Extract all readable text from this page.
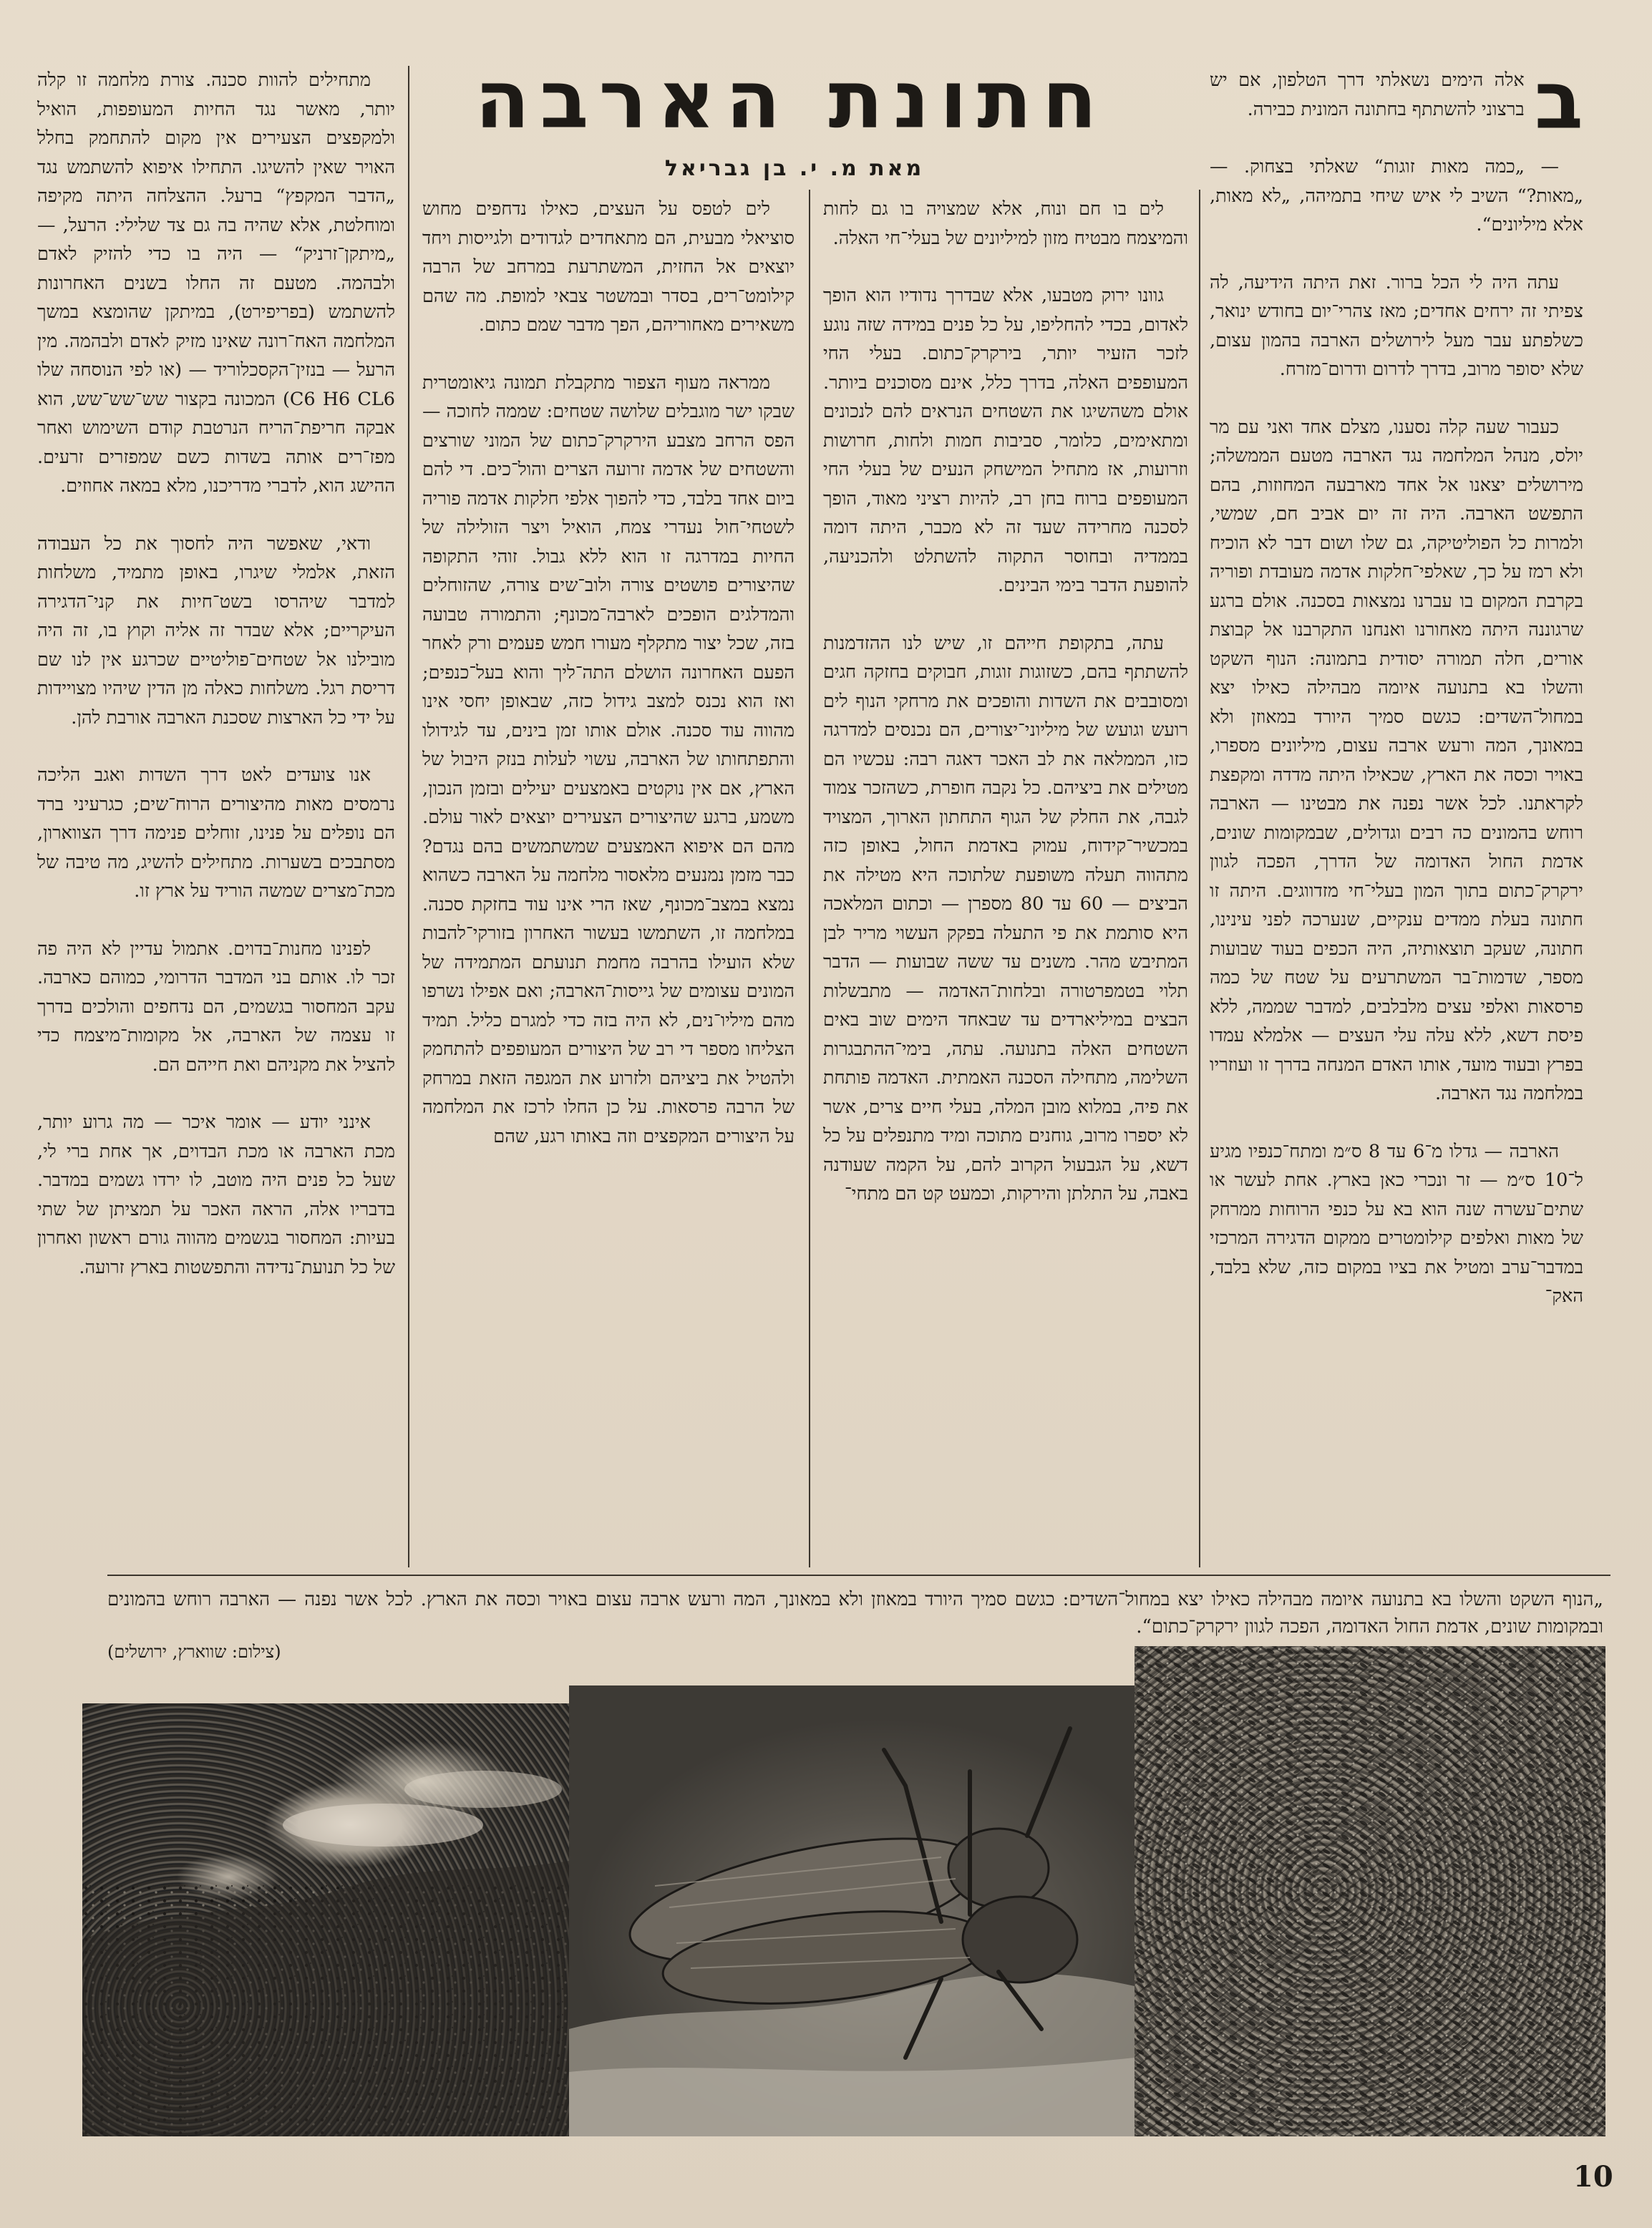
חתונת הארבה
מאת מ. י. בן גבריאל

ב
אלה הימים נשאלתי דרך הטלפון, אם יש ברצוני להשתתף בחתונה המונית כבירה.

— „כמה מאות זוגות“ שאלתי בצחוק. — „מאות?“ השיב לי איש שיחי בתמיהה, „לא מאות, אלא מיליונים“.

עתה היה לי הכל ברור. זאת היתה הידיעה, לה צפיתי זה ירחים אחדים; מאז צהרי־יום בחודש ינואר, כשלפתע עבר מעל לירושלים הארבה בהמון עצום, שלא יסופר מרוב, בדרך לדרום ודרום־מזרח.

כעבור שעה קלה נסענו, מצלם אחד ואני עם מר יולס, מנהל המלחמה נגד הארבה מטעם הממשלה; מירושלים יצאנו אל אחד מארבעה המחוזות, בהם התפשט הארבה. היה זה יום אביב חם, שמשי, ולמרות כל הפוליטיקה, גם שלו ושום דבר לא הוכיח ולא רמז על כך, שאלפי־חלקות אדמה מעובדת ופוריה בקרבת המקום בו עברנו נמצאות בסכנה. אולם ברגע שרגוננה היתה מאחורנו ואנחנו התקרבנו אל קבוצת אורים, חלה תמורה יסודית בתמונה: הנוף השקט והשלו בא בתנועה איומה מבהילה כאילו יצא במחול־השדים: כגשם סמיך היורד במאוזן ולא במאונך, המה ורעש ארבה עצום, מיליונים מספרו, באויר וכסה את הארץ, שכאילו היתה מדדה ומקפצת לקראתנו. לכל אשר נפנה את מבטינו — הארבה רוחש בהמונים כה רבים וגדולים, שבמקומות שונים, אדמת החול האדומה של הדרך, הפכה לגוון ירקרק־כתום בתוך המון בעלי־חי מזדווגים. היתה זו חתונה בעלת ממדים ענקיים, שנערכה לפני עינינו, חתונה, שעקב תוצאותיה, היה הכפים בעוד שבועות מספר, שדמות־בר המשתרעים על שטח של כמה פרסאות ואלפי עצים מלבלבים, למדבר שממה, ללא פיסת דשא, ללא עלה עלי העצים — אלמלא עמדו בפרץ ובעוד מועד, אותו האדם המנחה בדרך זו ועוזריו במלחמה נגד הארבה.

הארבה — גדלו מ־6 עד 8 ס״מ ומתח־כנפיו מגיע ל־10 ס״מ — זר ונכרי כאן בארץ. אחת לעשר או שתים־עשרה שנה הוא בא על כנפי הרוחות ממרחק של מאות ואלפים קילומטרים ממקום הדגירה המרכזי במדבר־ערב ומטיל את בציו במקום כזה, שלא בלבד, האק־

לים בו חם ונוח, אלא שמצויה בו גם לחות והמיצמח מבטיח מזון למיליונים של בעלי־חי האלה.

גוונו ירוק מטבעו, אלא שבדרך נדודיו הוא הופך לאדום, בכדי להחליפו, על כל פנים במידה שזה נוגע לזכר הזעיר יותר, בירקרק־כתום. בעלי החי המעופפים האלה, בדרך כלל, אינם מסוכנים ביותר. אולם משהשיגו את השטחים הנראים להם לנכונים ומתאימים, כלומר, סביבות חמות ולחות, חרושות וזרועות, אז מתחיל המישחק הנעים של בעלי החי המעופפים ברוח בחן רב, להיות רציני מאוד, הופך לסכנה מחרידה שעד זה לא מכבר, היתה דומה בממדיה ובחוסר התקוה להשתלט ולהכניעה, להופעת הדבר בימי הבינים.

עתה, בתקופת חייהם זו, שיש לנו ההזדמנות להשתתף בהם, כשזוגות זוגות, חבוקים בחזקה חגים ומסובבים את השדות והופכים את מרחקי הנוף לים רועש וגועש של מיליוני־יצורים, הם נכנסים למדרגה כזו, הממלאה את לב האכר דאגה רבה: עכשיו הם מטילים את ביציהם. כל נקבה חופרת, כשהזכר צמוד לגבה, את החלק של הגוף התחתון הארוך, המצויד במכשיר־קידוח, עמוק באדמת החול, באופן כזה מתהווה תעלה משופעת שלתוכה היא מטילה את הביצים — 60 עד 80 מספרן — וכתום המלאכה היא סותמת את פי התעלה בפקק העשוי מריר לבן המתיבש מהר. משנים עד ששה שבועות — הדבר תלוי בטמפרטורה ובלחות־האדמה — מתבשלות הבצים במיליארדים עד שבאחד הימים שוב באים השטחים האלה בתנועה. עתה, בימי־ההתבגרות השלימה, מתחילה הסכנה האמתית. האדמה פותחת את פיה, במלוא מובן המלה, בעלי חיים צרים, אשר לא יספרו מרוב, גוחנים מתוכה ומיד מתנפלים על כל דשא, על הגבעול הקרוב להם, על הקמה שעודנה באבה, על התלתן והירקות, וכמעט קט הם מתחי־

לים לטפס על העצים, כאילו נדחפים מחוש סוציאלי מבעית, הם מתאחדים לגדודים ולגייסות ויחד יוצאים אל החזית, המשתרעת במרחב של הרבה קילומט־רים, בסדר ובמשטר צבאי למופת. מה שהם משאירים מאחוריהם, הפך מדבר שמם כתום.

ממראה מעוף הצפור מתקבלת תמונה גיאומטרית שבקו ישר מוגבלים שלושה שטחים: שממה לחוכה — הפס הרחב מצבע הירקרק־כתום של המוני שורצים והשטחים של אדמה זרועה הצרים והול־כים. די להם ביום אחד בלבד, כדי להפוך אלפי חלקות אדמה פוריה לשטחי־חול נעדרי צמח, הואיל ויצר הזולילה של החיות במדרגה זו הוא ללא גבול. זוהי התקופה שהיצורים פושטים צורה ולוב־שים צורה, שהזוחלים והמדלגים הופכים לארבה־מכונף; והתמורה טבועה בזה, שכל יצור מתקלף מעורו חמש פעמים ורק לאחר הפעם האחרונה הושלם התה־ליך והוא בעל־כנפים; ואז הוא נכנס למצב גידול כזה, שבאופן יחסי אינו מהווה עוד סכנה. אולם אותו זמן בינים, עד לגידולו והתפתחותו של הארבה, עשוי לעלות בנזק היבול של הארץ, אם אין נוקטים באמצעים יעילים ובזמן הנכון, משמע, ברגע שהיצורים הצעירים יוצאים לאור עולם. מהם הם איפוא האמצעים שמשתמשים בהם נגדם? כבר מזמן נמנעים מלאסור מלחמה על הארבה כשהוא נמצא במצב־מכונף, שאז הרי אינו עוד בחזקת סכנה. במלחמה זו, השתמשו בעשור האחרון בזורקי־להבות שלא הועילו בהרבה מחמת תנועתם המתמידה של המונים עצומים של גייסות־הארבה; ואם אפילו נשרפו מהם מיליו־נים, לא היה בזה כדי למגרם כליל. תמיד הצליחו מספר די רב של היצורים המעופפים להתחמק ולהטיל את ביציהם ולזרוע את המגפה הזאת במרחק של הרבה פרסאות. על כן החלו לרכז את המלחמה על היצורים המקפצים וזה באותו רגע, שהם

מתחילים להוות סכנה. צורת מלחמה זו קלה יותר, מאשר נגד החיות המעופפות, הואיל ולמקפצים הצעירים אין מקום להתחמק בחלל האויר שאין להשיגו. התחילו איפוא להשתמש נגד „הדבר המקפץ“ ברעל. ההצלחה היתה מקיפה ומוחלטת, אלא שהיה בה גם צד שלילי: הרעל, — „מיתקן־זרניק“ — היה בו כדי להזיק לאדם ולבהמה. מטעם זה החלו בשנים האחרונות להשתמש (בפריפירט), במיתקן שהומצא במשך המלחמה האח־רונה שאינו מזיק לאדם ולבהמה. מין הרעל — בנזין־הקסכלוריד — (או לפי הנוסחה שלו C6 H6 CL6) המכונה בקצור שש־שש־שש, הוא אבקה חריפת־הריח הנרטבת קודם השימוש ואחר מפז־רים אותה בשדות כשם שמפזרים זרעים. ההישג הוא, לדברי מדריכנו, מלא במאה אחוזים.

ודאי, שאפשר היה לחסוך את כל העבודה הזאת, אלמלי שיגרו, באופן מתמיד, משלחות למדבר שיהרסו בשט־חיות את קני־הדגירה העיקריים; אלא שבדר זה אליה וקוץ בו, זה היה מובילנו אל שטחים־פוליטיים שכרגע אין לנו שם דריסת רגל. משלחות כאלה מן הדין שיהיו מצויידות על ידי כל הארצות שסכנת הארבה אורבת להן.

אנו צועדים לאט דרך השדות ואגב הליכה נרמסים מאות מהיצורים הרוח־שים; כגרעיני ברד הם נופלים על פנינו, זוחלים פנימה דרך הצווארון, מסתבכים בשערות. מתחילים להשיג, מה טיבה של מכת־מצרים שמשה הוריד על ארץ זו.

לפנינו מחנות־בדוים. אתמול עדיין לא היה פה זכר לו. אותם בני המדבר הדרומי, כמוהם כארבה. עקב המחסור בגשמים, הם נדחפים והולכים בדרך זו עצמה של הארבה, אל מקומות־מיצמח כדי להציל את מקניהם ואת חייהם הם.

אינני יודע — אומר איכר — מה גרוע יותר, מכת הארבה או מכת הבדוים, אך אחת ברי לי, שעל כל פנים היה מוטב, לו ירדו גשמים במדבר. בדבריו אלה, הראה האכר על תמציתן של שתי בעיות: המחסור בגשמים מהווה גורם ראשון ואחרון של כל תנועת־נדידה והתפשטות בארץ זרועה.

„הנוף השקט והשלו בא בתנועה איומה מבהילה כאילו יצא במחול־השדים: כגשם סמיך היורד במאוזן ולא במאונך, המה ורעש ארבה עצום באויר וכסה את הארץ. לכל אשר נפנה — הארבה רוחש בהמונים ובמקומות שונים, אדמת החול האדומה, הפכה לגוון ירקרק־כתום“.
(צילום: שווארץ, ירושלים)
10
